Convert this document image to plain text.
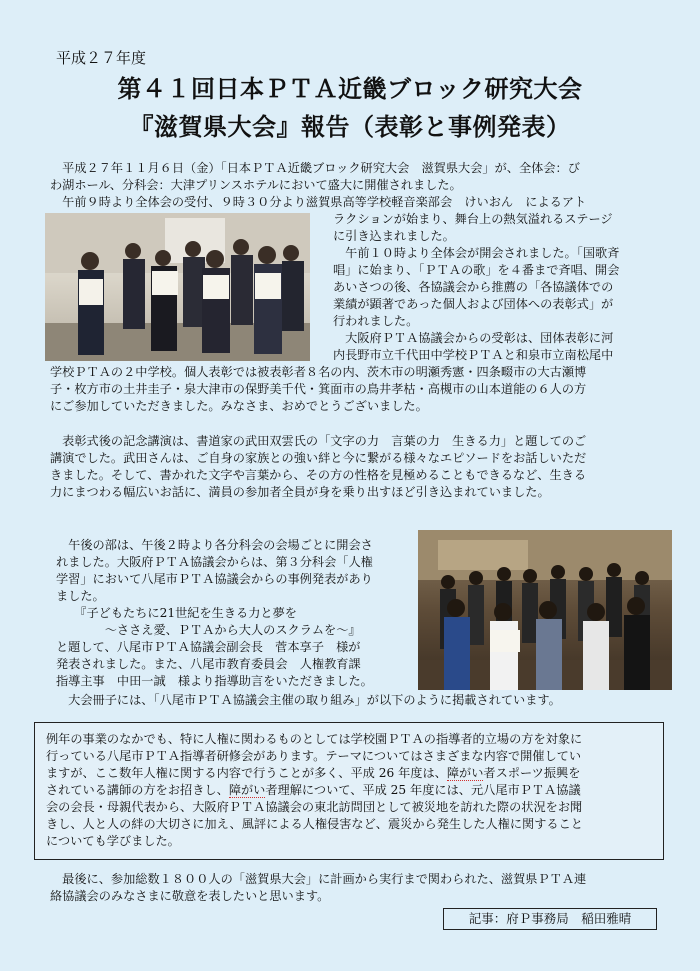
平成２７年度
第４１回日本ＰＴＡ近畿ブロック研究大会
『滋賀県大会』報告（表彰と事例発表）
　平成２７年１１月６日（金）「日本ＰＴＡ近畿ブロック研究大会　滋賀県大会」が、全体会：び
わ湖ホール、分科会：大津プリンスホテルにおいて盛大に開催されました。
　午前９時より全体会の受付、９時３０分より滋賀県高等学校軽音楽部会　けいおん　によるアト
ラクションが始まり、舞台上の熱気溢れるステージ
に引き込まれました。
　午前１０時より全体会が開会されました。「国歌斉
唱」に始まり、「ＰＴＡの歌」を４番まで斉唱、開会
あいさつの後、各協議会から推薦の「各協議体での
業績が顕著であった個人および団体への表彰式」が
行われました。
　大阪府ＰＴＡ協議会からの受彰は、団体表彰に河
内長野市立千代田中学校ＰＴＡと和泉市立南松尾中
学校ＰＴＡの２中学校。個人表彰では被表彰者８名の内、茨木市の明瀬秀憲・四条畷市の大古瀬博
子・枚方市の土井圭子・泉大津市の保野美千代・箕面市の鳥井孝枯・高槻市の山本道能の６人の方
にご参加していただきました。みなさま、おめでとうございました。
　表彰式後の記念講演は、書道家の武田双雲氏の「文字の力　言葉の力　生きる力」と題してのご
講演でした。武田さんは、ご自身の家族との強い絆と今に繋がる様々なエピソードをお話しいただ
きました。そして、書かれた文字や言葉から、その方の性格を見極めることもできるなど、生きる
力にまつわる幅広いお話に、満員の参加者全員が身を乗り出すほど引き込まれていました。
　午後の部は、午後２時より各分科会の会場ごとに開会さ
れました。大阪府ＰＴＡ協議会からは、第３分科会「人権
学習」において八尾市ＰＴＡ協議会からの事例発表があり
ました。
　　『子どもたちに21世紀を生きる力と夢を
　　　　～ささえ愛、ＰＴＡから大人のスクラムを～』
と題して、八尾市ＰＴＡ協議会副会長　菅本享子　様が
発表されました。また、八尾市教育委員会　人権教育課
指導主事　中田一誠　様より指導助言をいただきました。
　大会冊子には、「八尾市ＰＴＡ協議会主催の取り組み」が以下のように掲載されています。
例年の事業のなかでも、特に人権に関わるものとしては学校園ＰＴＡの指導者的立場の方を対象に
行っている八尾市ＰＴＡ指導者研修会があります。テーマについてはさまざまな内容で開催してい
ますが、ここ数年人権に関する内容で行うことが多く、平成 26 年度は、障がい者スポーツ振興を
されている講師の方をお招きし、障がい者理解について、平成 25 年度には、元八尾市ＰＴＡ協議
会の会長・母親代表から、大阪府ＰＴＡ協議会の東北訪問団として被災地を訪れた際の状況をお聞
きし、人と人の絆の大切さに加え、風評による人権侵害など、震災から発生した人権に関すること
についても学びました。
　最後に、参加総数１８００人の「滋賀県大会」に計画から実行まで関わられた、滋賀県ＰＴＡ連
絡協議会のみなさまに敬意を表したいと思います。
記事：府Ｐ事務局　稲田雅晴
